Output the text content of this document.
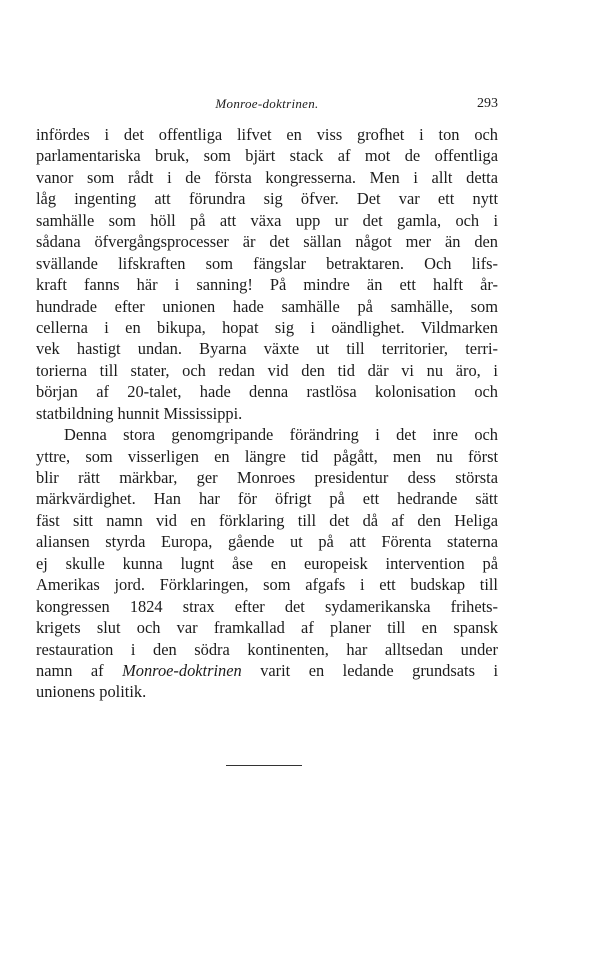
Monroe-doktrinen.	293
infördes i det offentliga lifvet en viss grofhet i ton och
parlamentariska bruk, som bjärt stack af mot de offentliga
vanor som rådt i de första kongresserna. Men i allt detta
låg ingenting att förundra sig öfver. Det var ett nytt
samhälle som höll på att växa upp ur det gamla, och i
sådana öfvergångsprocesser är det sällan något mer än den
svällande lifskraften som fängslar betraktaren. Och lifs-
kraft fanns här i sanning! På mindre än ett halft år-
hundrade efter unionen hade samhälle på samhälle, som
cellerna i en bikupa, hopat sig i oändlighet. Vildmarken
vek hastigt undan. Byarna växte ut till territorier, terri-
torierna till stater, och redan vid den tid där vi nu äro, i
början af 20-talet, hade denna rastlösa kolonisation och
statbildning hunnit Mississippi.
Denna stora genomgripande förändring i det inre och
yttre, som visserligen en längre tid pågått, men nu först
blir rätt märkbar, ger Monroes presidentur dess största
märkvärdighet. Han har för öfrigt på ett hedrande sätt
fäst sitt namn vid en förklaring till det då af den Heliga
aliansen styrda Europa, gående ut på att Förenta staterna
ej skulle kunna lugnt åse en europeisk intervention på
Amerikas jord. Förklaringen, som afgafs i ett budskap till
kongressen 1824 strax efter det sydamerikanska frihets-
krigets slut och var framkallad af planer till en spansk
restauration i den södra kontinenten, har alltsedan under
namn af Monroe-doktrinen varit en ledande grundsats i
unionens politik.
